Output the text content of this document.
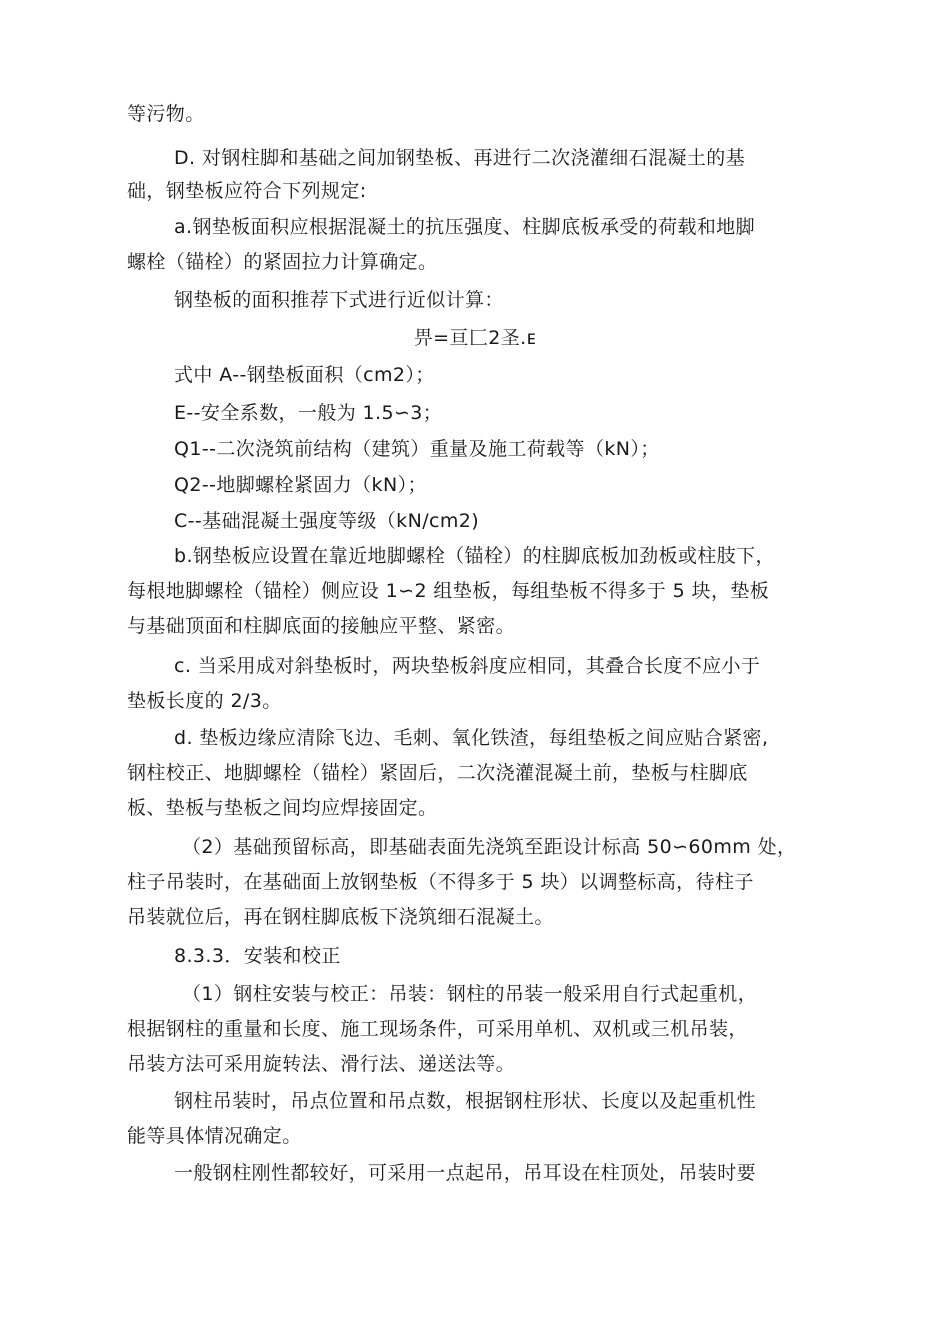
等污物。
D. 对钢柱脚和基础之间加钢垫板、再进行二次浇灌细石混凝土的基
础，钢垫板应符合下列规定:
a.钢垫板面积应根据混凝土的抗压强度、柱脚底板承受的荷载和地脚
螺栓（锚栓）的紧固拉力计算确定。
钢垫板的面积推荐下式进行近似计算：
畀=亘匚2圣.ᴇ
式中 A--钢垫板面积（cm2）；
E--安全系数，一般为 1.5∽3；
Q1--二次浇筑前结构（建筑）重量及施工荷载等（kN）；
Q2--地脚螺栓紧固力（kN）；
C--基础混凝土强度等级（kN/cm2)
b.钢垫板应设置在靠近地脚螺栓（锚栓）的柱脚底板加劲板或柱肢下，
每根地脚螺栓（锚栓）侧应设 1∽2 组垫板，每组垫板不得多于 5 块，垫板
与基础顶面和柱脚底面的接触应平整、紧密。
c. 当采用成对斜垫板时，两块垫板斜度应相同，其叠合长度不应小于
垫板长度的 2/3。
d. 垫板边缘应清除飞边、毛刺、氧化铁渣，每组垫板之间应贴合紧密,
钢柱校正、地脚螺栓（锚栓）紧固后，二次浇灌混凝土前，垫板与柱脚底
板、垫板与垫板之间均应焊接固定。
（2）基础预留标高，即基础表面先浇筑至距设计标高 50∽60mm 处，
柱子吊装时，在基础面上放钢垫板（不得多于 5 块）以调整标高，待柱子
吊装就位后，再在钢柱脚底板下浇筑细石混凝土。
8.3.3．安装和校正
（1）钢柱安装与校正：吊装：钢柱的吊装一般采用自行式起重机，
根据钢柱的重量和长度、施工现场条件，可采用单机、双机或三机吊装，
吊装方法可采用旋转法、滑行法、递送法等。
钢柱吊装时，吊点位置和吊点数，根据钢柱形状、长度以及起重机性
能等具体情况确定。
一般钢柱刚性都较好，可采用一点起吊，吊耳设在柱顶处，吊装时要
